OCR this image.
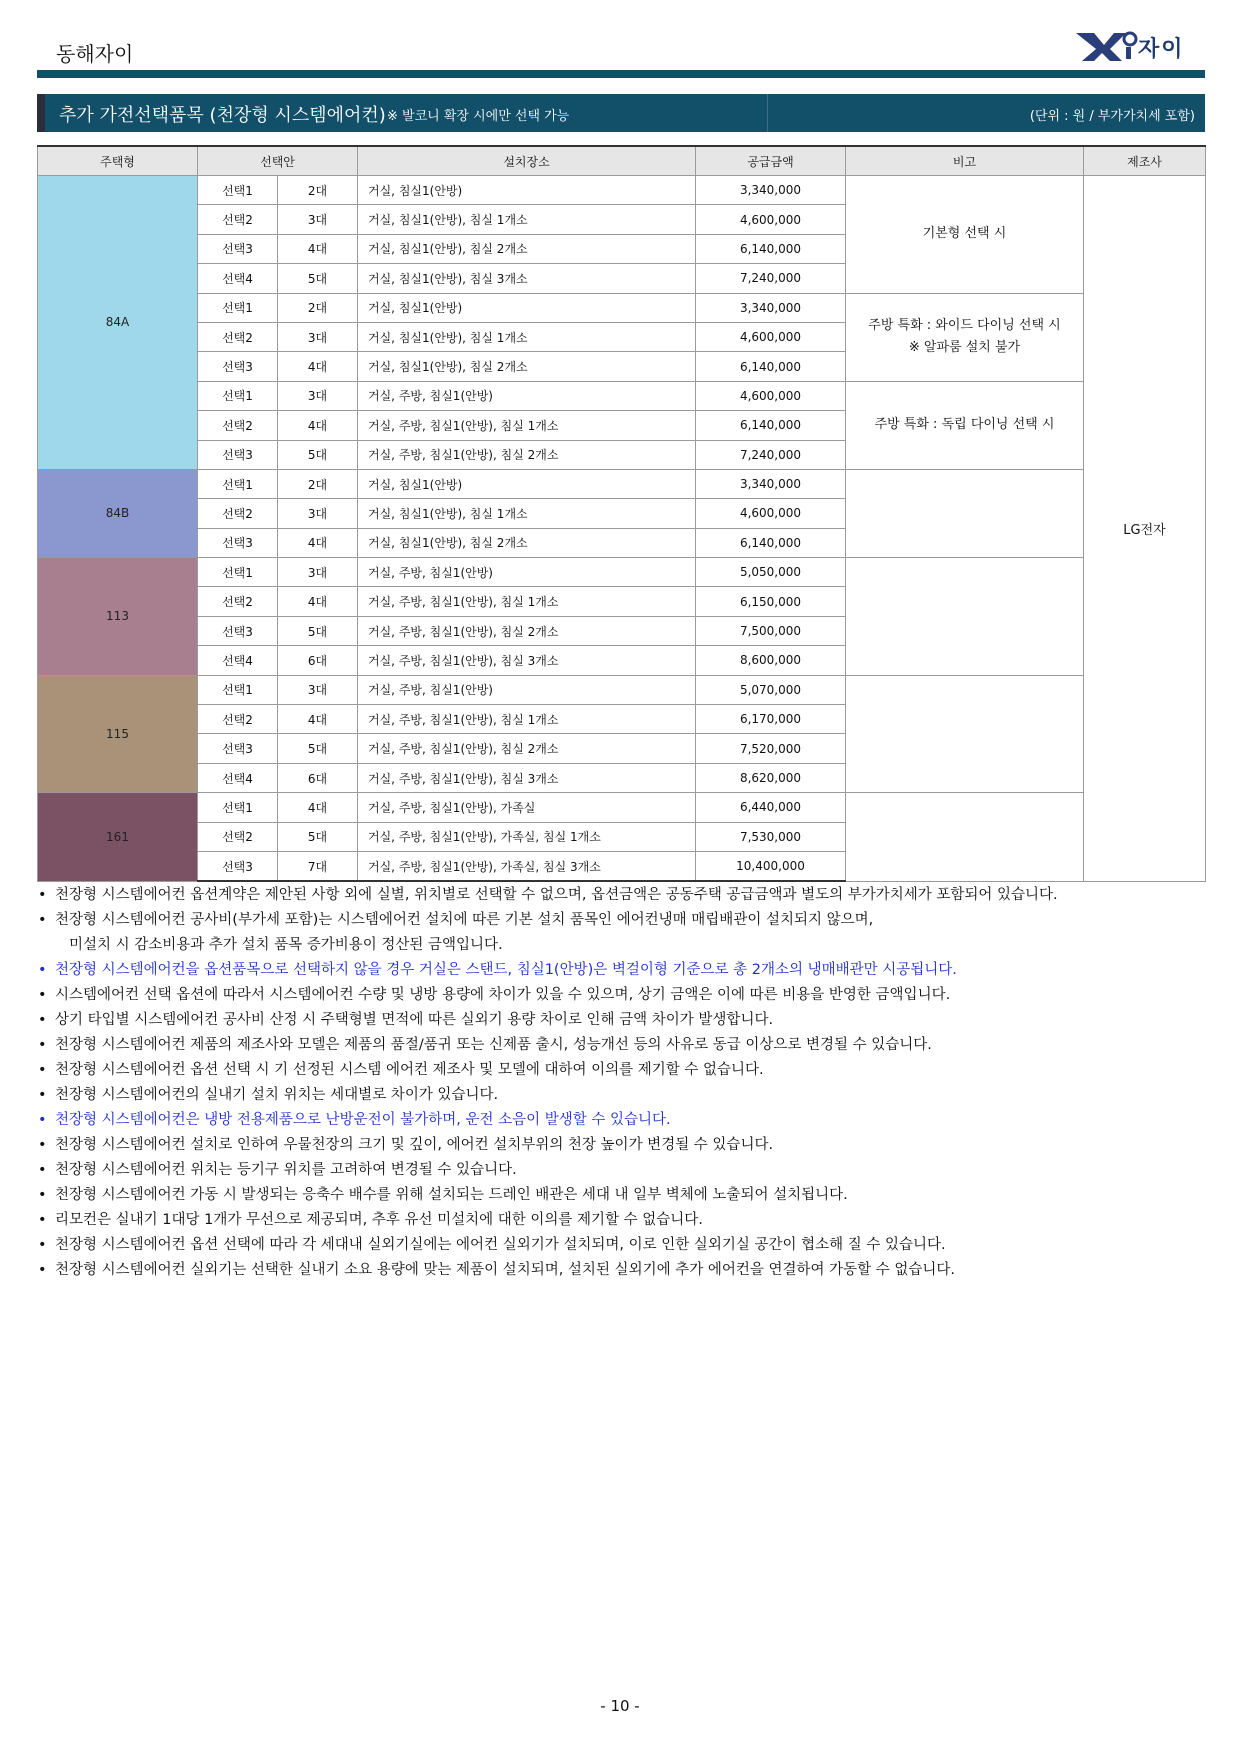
동해자이	자이
추가 가전선택품목 (천장형 시스템에어컨) ※ 발코니 확장 시에만 선택 가능	(단위 : 원 / 부가가치세 포함)
주택형	선택안		설치장소	공급금액	비고	제조사
84A	선택1	2대	거실, 침실1(안방)	3,340,000	기본형 선택 시	LG전자
	선택2	3대	거실, 침실1(안방), 침실 1개소	4,600,000		
	선택3	4대	거실, 침실1(안방), 침실 2개소	6,140,000		
	선택4	5대	거실, 침실1(안방), 침실 3개소	7,240,000		
	선택1	2대	거실, 침실1(안방)	3,340,000	주방 특화 : 와이드 다이닝 선택 시
※ 알파룸 설치 불가	

	선택2	3대	거실, 침실1(안방), 침실 1개소	4,600,000		
	선택3	4대	거실, 침실1(안방), 침실 2개소	6,140,000		
	선택1	3대	거실, 주방, 침실1(안방)	4,600,000	주방 특화 : 독립 다이닝 선택 시	

	선택2	4대	거실, 주방, 침실1(안방), 침실 1개소	6,140,000		
	선택3	5대	거실, 주방, 침실1(안방), 침실 2개소	7,240,000		
84B	선택1	2대	거실, 침실1(안방)	3,340,000		
	선택2	3대	거실, 침실1(안방), 침실 1개소	4,600,000		
	선택3	4대	거실, 침실1(안방), 침실 2개소	6,140,000		
113	선택1	3대	거실, 주방, 침실1(안방)	5,050,000		
	선택2	4대	거실, 주방, 침실1(안방), 침실 1개소	6,150,000		
	선택3	5대	거실, 주방, 침실1(안방), 침실 2개소	7,500,000		
	선택4	6대	거실, 주방, 침실1(안방), 침실 3개소	8,600,000		
115	선택1	3대	거실, 주방, 침실1(안방)	5,070,000		
	선택2	4대	거실, 주방, 침실1(안방), 침실 1개소	6,170,000		
	선택3	5대	거실, 주방, 침실1(안방), 침실 2개소	7,520,000		
	선택4	6대	거실, 주방, 침실1(안방), 침실 3개소	8,620,000		
161	선택1	4대	거실, 주방, 침실1(안방), 가족실	6,440,000		
	선택2	5대	거실, 주방, 침실1(안방), 가족실, 침실 1개소	7,530,000		
	선택3	7대	거실, 주방, 침실1(안방), 가족실, 침실 3개소	10,400,000		
• 천장형 시스템에어컨 옵션계약은 제안된 사항 외에 실별, 위치별로 선택할 수 없으며, 옵션금액은 공동주택 공급금액과 별도의 부가가치세가 포함되어 있습니다.
• 천장형 시스템에어컨 공사비(부가세 포함)는 시스템에어컨 설치에 따른 기본 설치 품목인 에어컨냉매 매립배관이 설치되지 않으며,
미설치 시 감소비용과 추가 설치 품목 증가비용이 정산된 금액입니다.
• 천장형 시스템에어컨을 옵션품목으로 선택하지 않을 경우 거실은 스탠드, 침실1(안방)은 벽걸이형 기준으로 총 2개소의 냉매배관만 시공됩니다.
• 시스템에어컨 선택 옵션에 따라서 시스템에어컨 수량 및 냉방 용량에 차이가 있을 수 있으며, 상기 금액은 이에 따른 비용을 반영한 금액입니다.
• 상기 타입별 시스템에어컨 공사비 산정 시 주택형별 면적에 따른 실외기 용량 차이로 인해 금액 차이가 발생합니다.
• 천장형 시스템에어컨 제품의 제조사와 모델은 제품의 품절/품귀 또는 신제품 출시, 성능개선 등의 사유로 동급 이상으로 변경될 수 있습니다.
• 천장형 시스템에어컨 옵션 선택 시 기 선정된 시스템 에어컨 제조사 및 모델에 대하여 이의를 제기할 수 없습니다.
• 천장형 시스템에어컨의 실내기 설치 위치는 세대별로 차이가 있습니다.
• 천장형 시스템에어컨은 냉방 전용제품으로 난방운전이 불가하며, 운전 소음이 발생할 수 있습니다.
• 천장형 시스템에어컨 설치로 인하여 우물천장의 크기 및 깊이, 에어컨 설치부위의 천장 높이가 변경될 수 있습니다.
• 천장형 시스템에어컨 위치는 등기구 위치를 고려하여 변경될 수 있습니다.
• 천장형 시스템에어컨 가동 시 발생되는 응축수 배수를 위해 설치되는 드레인 배관은 세대 내 일부 벽체에 노출되어 설치됩니다.
• 리모컨은 실내기 1대당 1개가 무선으로 제공되며, 추후 유선 미설치에 대한 이의를 제기할 수 없습니다.
• 천장형 시스템에어컨 옵션 선택에 따라 각 세대내 실외기실에는 에어컨 실외기가 설치되며, 이로 인한 실외기실 공간이 협소해 질 수 있습니다.
• 천장형 시스템에어컨 실외기는 선택한 실내기 소요 용량에 맞는 제품이 설치되며, 설치된 실외기에 추가 에어컨을 연결하여 가동할 수 없습니다.
- 10 -
